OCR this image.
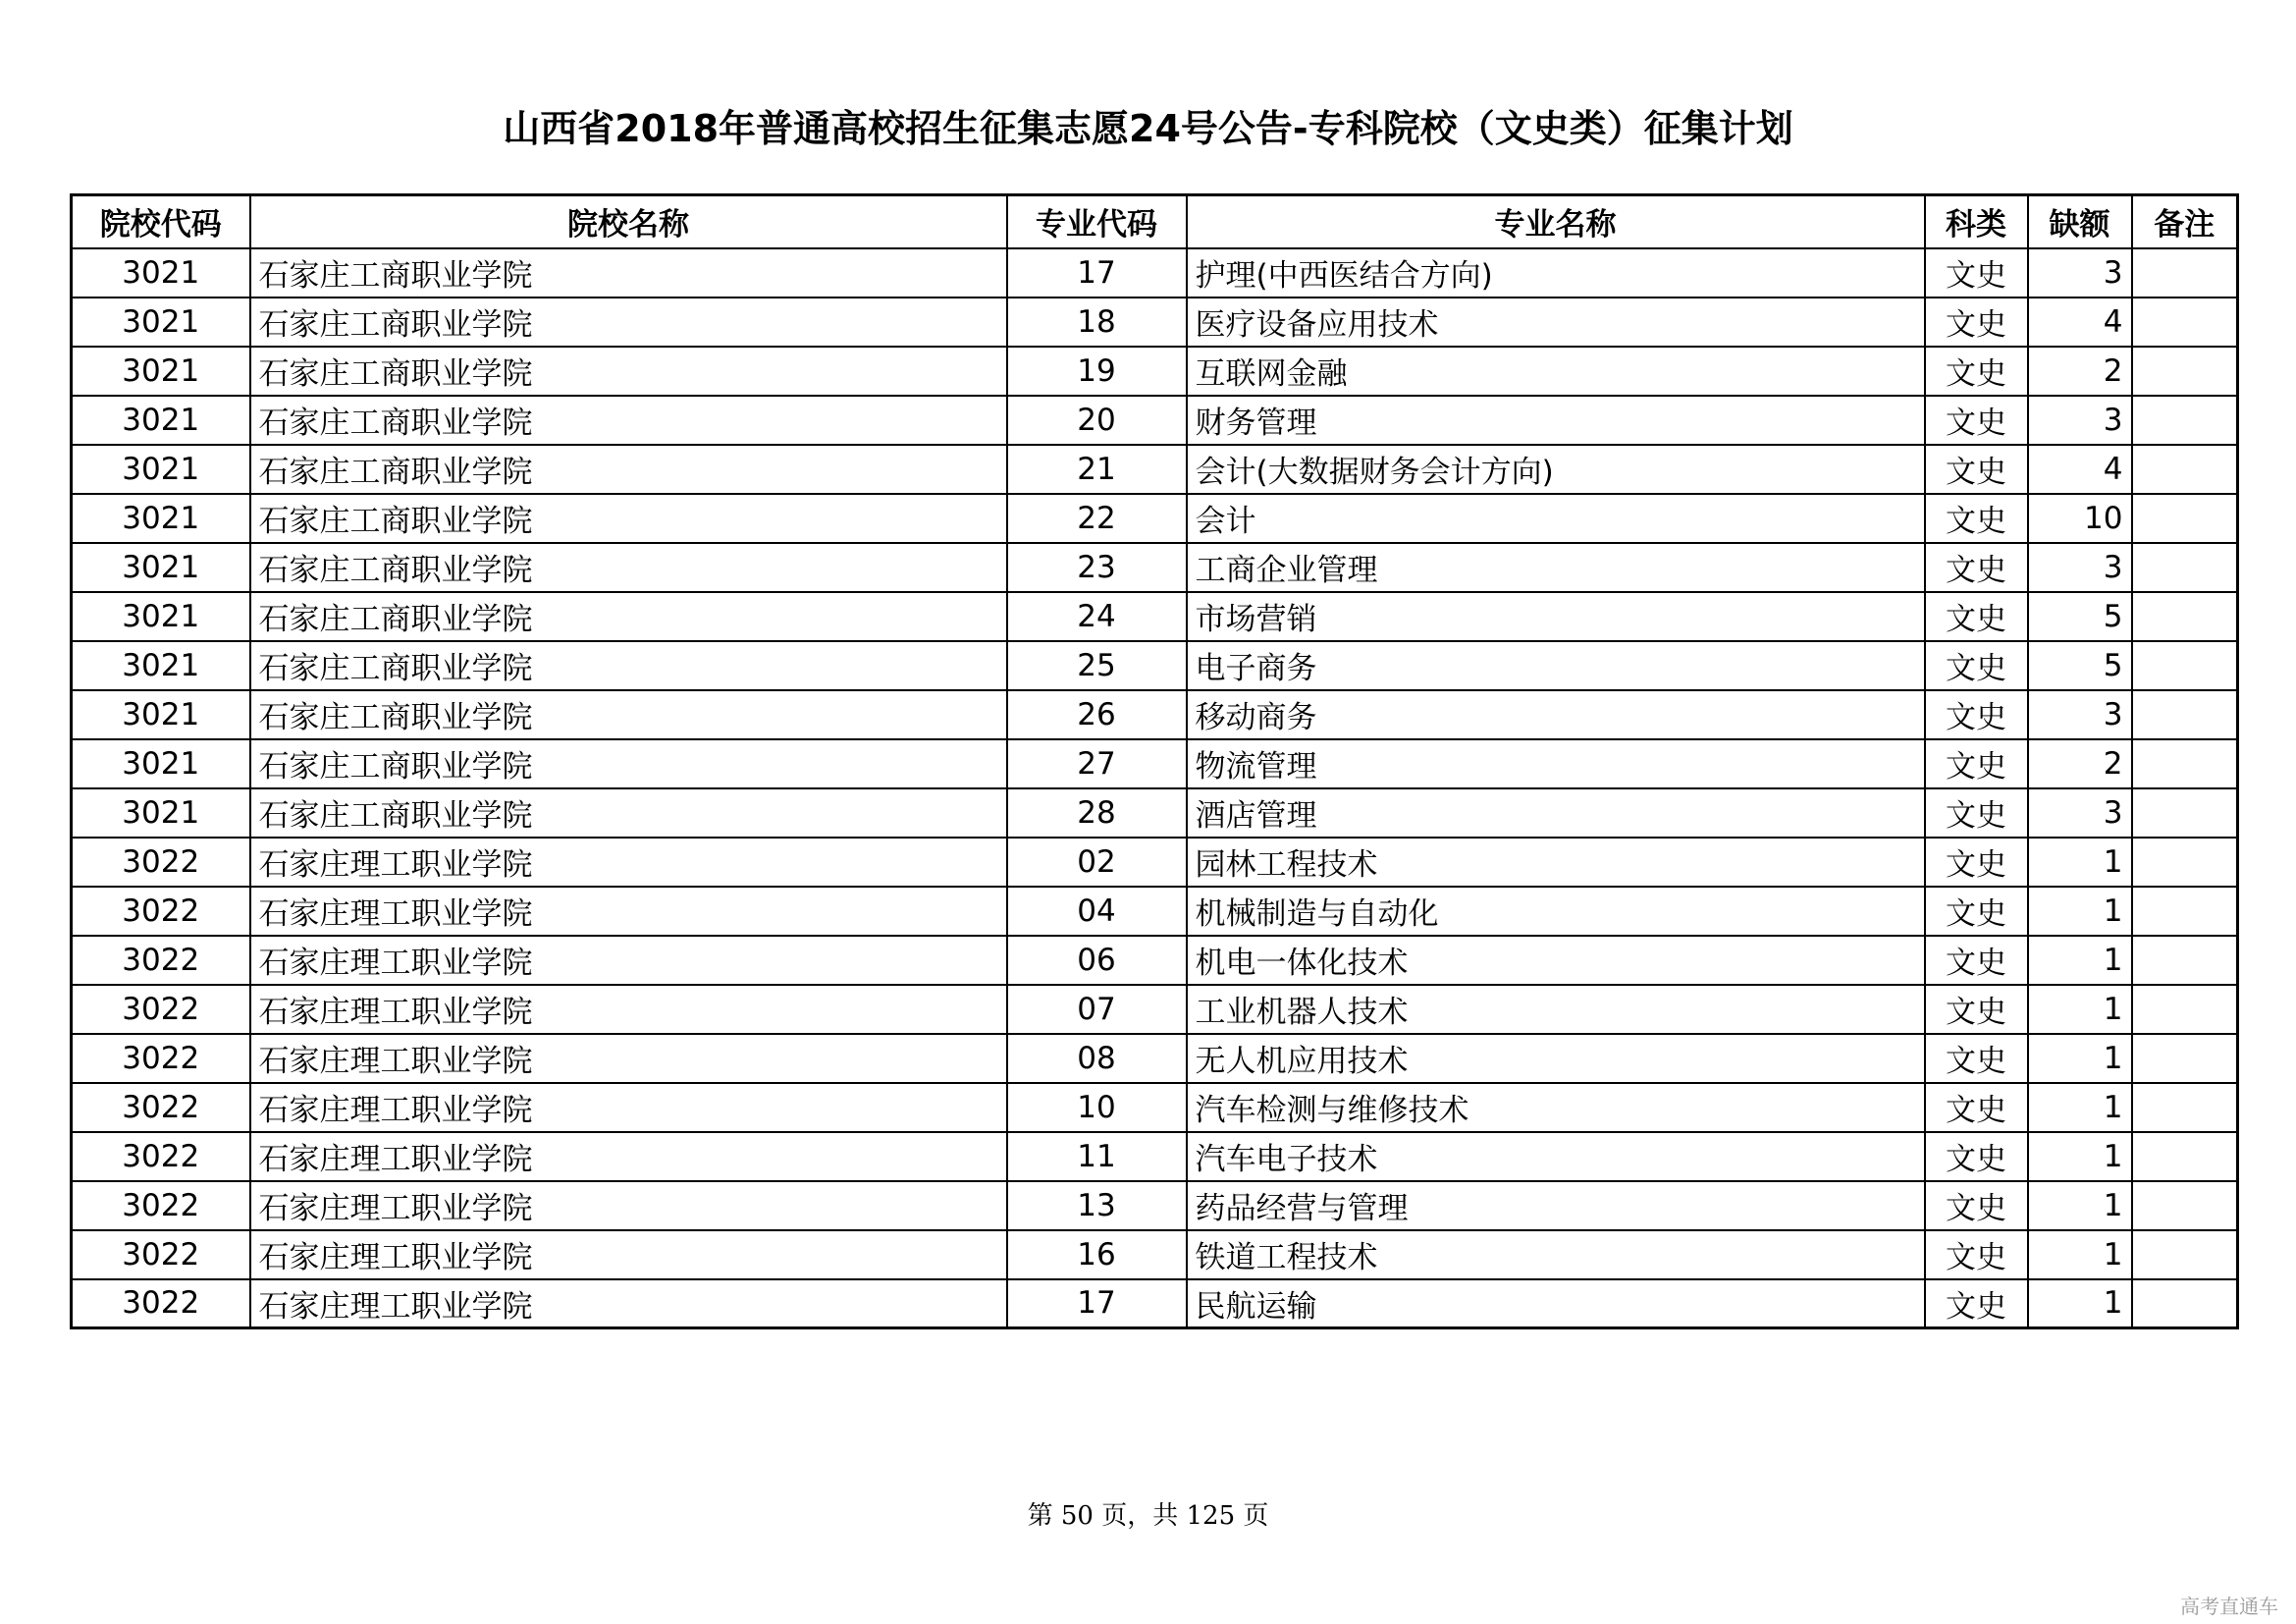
山西省2018年普通高校招生征集志愿24号公告-专科院校（文史类）征集计划
院校代码	院校名称	专业代码	专业名称	科类	缺额	备注
3021	石家庄工商职业学院	17	护理(中西医结合方向)	文史	3	
3021	石家庄工商职业学院	18	医疗设备应用技术	文史	4	
3021	石家庄工商职业学院	19	互联网金融	文史	2	
3021	石家庄工商职业学院	20	财务管理	文史	3	
3021	石家庄工商职业学院	21	会计(大数据财务会计方向)	文史	4	
3021	石家庄工商职业学院	22	会计	文史	10	
3021	石家庄工商职业学院	23	工商企业管理	文史	3	
3021	石家庄工商职业学院	24	市场营销	文史	5	
3021	石家庄工商职业学院	25	电子商务	文史	5	
3021	石家庄工商职业学院	26	移动商务	文史	3	
3021	石家庄工商职业学院	27	物流管理	文史	2	
3021	石家庄工商职业学院	28	酒店管理	文史	3	
3022	石家庄理工职业学院	02	园林工程技术	文史	1	
3022	石家庄理工职业学院	04	机械制造与自动化	文史	1	
3022	石家庄理工职业学院	06	机电一体化技术	文史	1	
3022	石家庄理工职业学院	07	工业机器人技术	文史	1	
3022	石家庄理工职业学院	08	无人机应用技术	文史	1	
3022	石家庄理工职业学院	10	汽车检测与维修技术	文史	1	
3022	石家庄理工职业学院	11	汽车电子技术	文史	1	
3022	石家庄理工职业学院	13	药品经营与管理	文史	1	
3022	石家庄理工职业学院	16	铁道工程技术	文史	1	
3022	石家庄理工职业学院	17	民航运输	文史	1	
第 50 页，共 125 页
高考直通车
